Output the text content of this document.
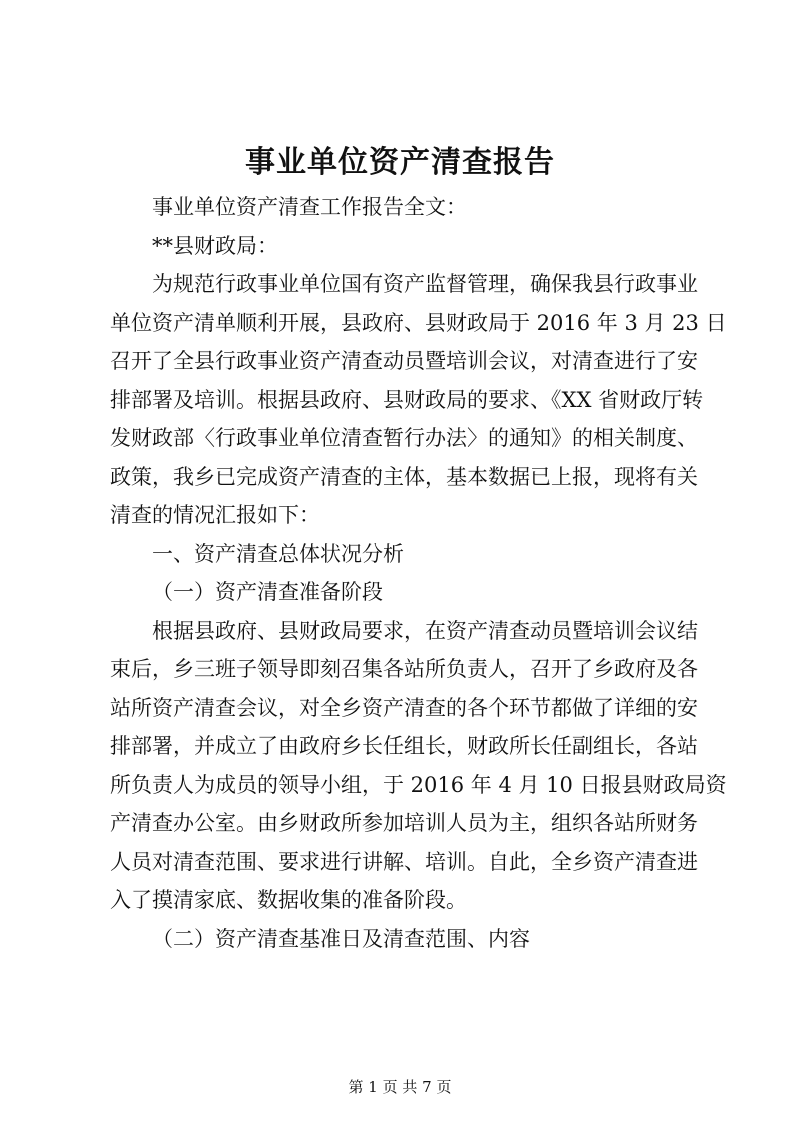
事业单位资产清查报告
事业单位资产清查工作报告全文：
**县财政局：
为规范行政事业单位国有资产监督管理，确保我县行政事业
单位资产清单顺利开展，县政府、县财政局于 2016 年 3 月 23 日
召开了全县行政事业资产清查动员暨培训会议，对清查进行了安
排部署及培训。根据县政府、县财政局的要求、《XX 省财政厅转
发财政部〈行政事业单位清查暂行办法〉的通知》的相关制度、
政策，我乡已完成资产清查的主体，基本数据已上报，现将有关
清查的情况汇报如下：
一、资产清查总体状况分析
（一）资产清查准备阶段
根据县政府、县财政局要求，在资产清查动员暨培训会议结
束后，乡三班子领导即刻召集各站所负责人，召开了乡政府及各
站所资产清查会议，对全乡资产清查的各个环节都做了详细的安
排部署，并成立了由政府乡长任组长，财政所长任副组长，各站
所负责人为成员的领导小组，于 2016 年 4 月 10 日报县财政局资
产清查办公室。由乡财政所参加培训人员为主，组织各站所财务
人员对清查范围、要求进行讲解、培训。自此，全乡资产清查进
入了摸清家底、数据收集的准备阶段。
（二）资产清查基准日及清查范围、内容
第 1 页 共 7 页
